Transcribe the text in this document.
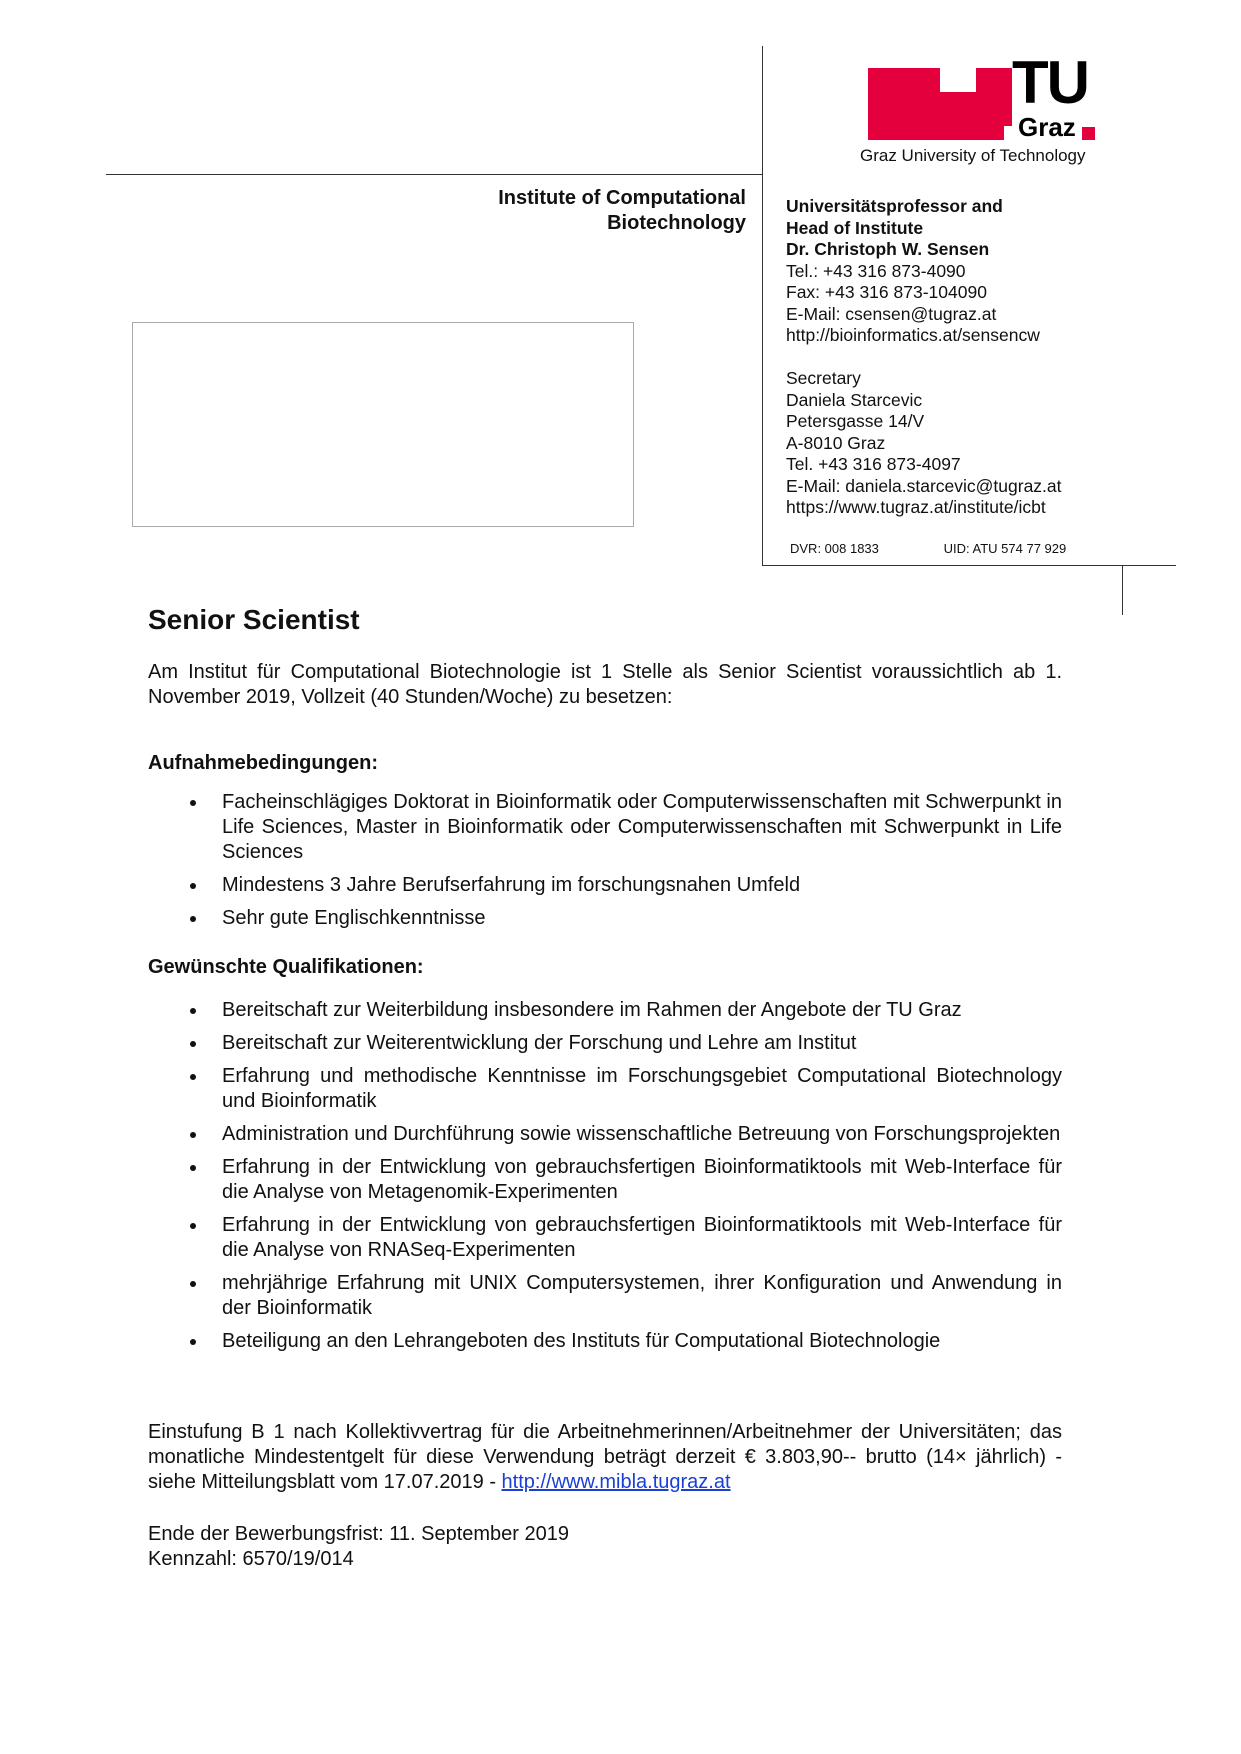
TU
Graz
Graz University of Technology
Institute of Computational
Biotechnology
Universitätsprofessor and
Head of Institute
Dr. Christoph W. Sensen
Tel.: +43 316 873-4090
Fax: +43 316 873-104090
E-Mail: csensen@tugraz.at
http://bioinformatics.at/sensencw
Secretary
Daniela Starcevic
Petersgasse 14/V
A-8010 Graz
Tel. +43 316 873-4097
E-Mail: daniela.starcevic@tugraz.at
https://www.tugraz.at/institute/icbt
DVR: 008 1833	UID: ATU 574 77 929
Senior Scientist
Am Institut für Computational Biotechnologie ist 1 Stelle als Senior Scientist voraussichtlich ab 1. November 2019, Vollzeit (40 Stunden/Woche) zu besetzen:
Aufnahmebedingungen:
Facheinschlägiges Doktorat in Bioinformatik oder Computerwissenschaften mit Schwerpunkt in Life Sciences, Master in Bioinformatik oder Computerwissenschaften mit Schwerpunkt in Life Sciences
Mindestens 3 Jahre Berufserfahrung im forschungsnahen Umfeld
Sehr gute Englischkenntnisse
Gewünschte Qualifikationen:
Bereitschaft zur Weiterbildung insbesondere im Rahmen der Angebote der TU Graz
Bereitschaft zur Weiterentwicklung der Forschung und Lehre am Institut
Erfahrung und methodische Kenntnisse im Forschungsgebiet Computational Biotechnology und Bioinformatik
Administration und Durchführung sowie wissenschaftliche Betreuung von Forschungsprojekten
Erfahrung in der Entwicklung von gebrauchsfertigen Bioinformatiktools mit Web-Interface für die Analyse von Metagenomik-Experimenten
Erfahrung in der Entwicklung von gebrauchsfertigen Bioinformatiktools mit Web-Interface für die Analyse von RNASeq-Experimenten
mehrjährige Erfahrung mit UNIX Computersystemen, ihrer Konfiguration und Anwendung in der Bioinformatik
Beteiligung an den Lehrangeboten des Instituts für Computational Biotechnologie
Einstufung B 1 nach Kollektivvertrag für die Arbeitnehmerinnen/Arbeitnehmer der Universitäten; das monatliche Mindestentgelt für diese Verwendung beträgt derzeit € 3.803,90-- brutto (14× jährlich) - siehe Mitteilungsblatt vom 17.07.2019 - http://www.mibla.tugraz.at
Ende der Bewerbungsfrist: 11. September 2019
Kennzahl: 6570/19/014
